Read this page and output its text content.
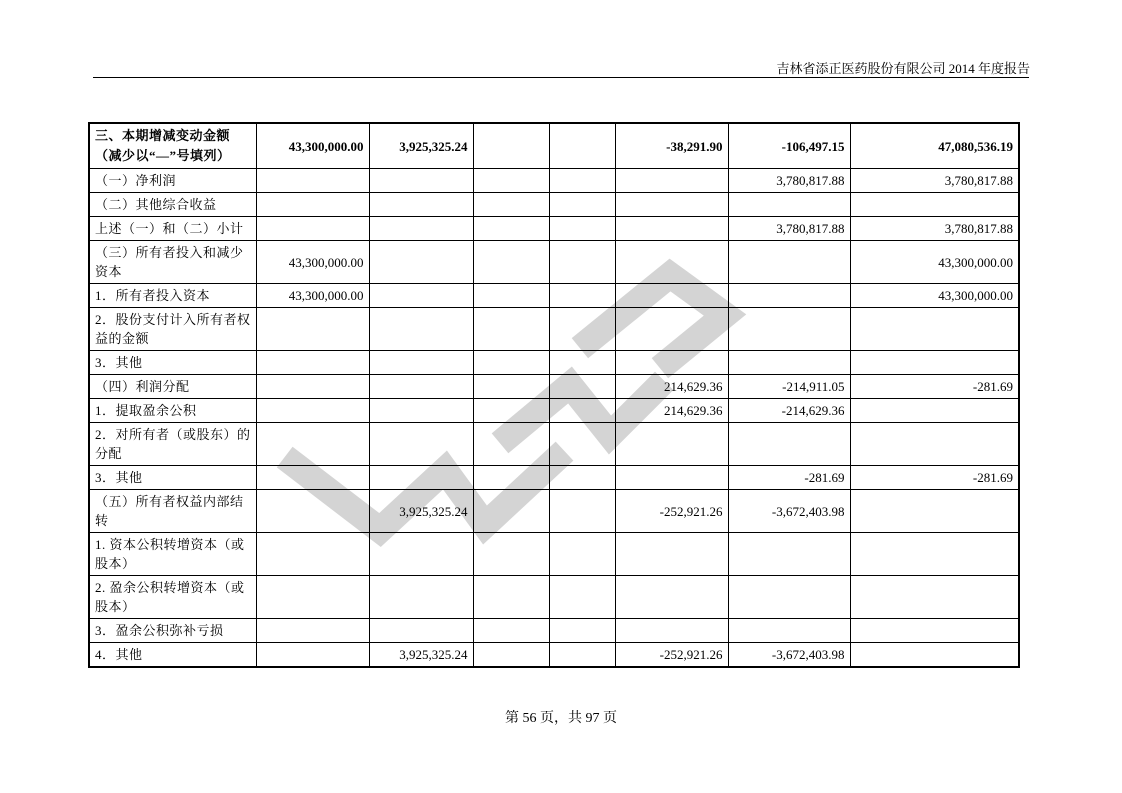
吉林省添正医药股份有限公司 2014 年度报告
三、本期增减变动金额（减少以“—”号填列）	43,300,000.00	3,925,325.24			-38,291.90	-106,497.15	47,080,536.19
（一）净利润						3,780,817.88	3,780,817.88
（二）其他综合收益							
上述（一）和（二）小计						3,780,817.88	3,780,817.88
（三）所有者投入和减少资本	43,300,000.00						43,300,000.00
1．所有者投入资本	43,300,000.00						43,300,000.00
2．股份支付计入所有者权益的金额							
3．其他							
（四）利润分配					214,629.36	-214,911.05	-281.69
1．提取盈余公积					214,629.36	-214,629.36	
2．对所有者（或股东）的分配							
3．其他						-281.69	-281.69
（五）所有者权益内部结转		3,925,325.24			-252,921.26	-3,672,403.98	
1. 资本公积转增资本（或股本）							
2. 盈余公积转增资本（或股本）							
3．盈余公积弥补亏损							
4．其他		3,925,325.24			-252,921.26	-3,672,403.98	
第 56 页，共 97 页
